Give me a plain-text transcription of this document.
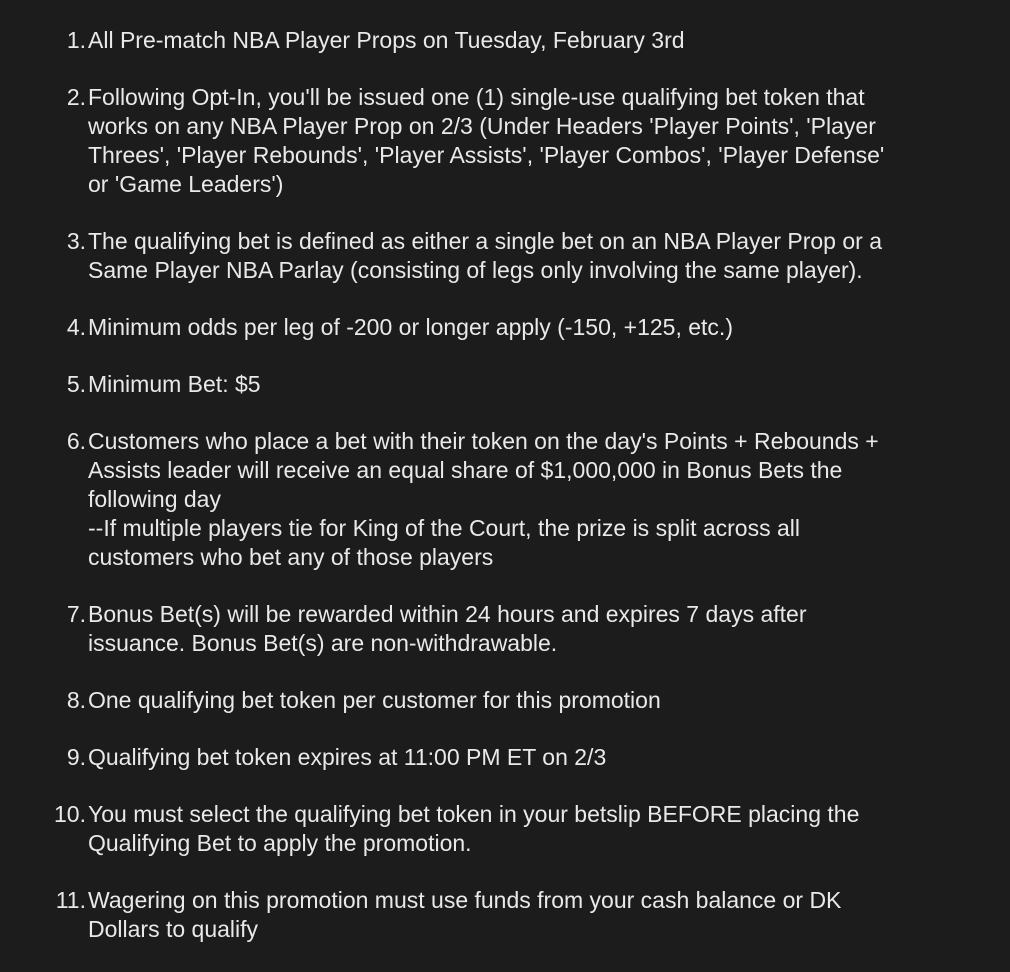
1. All Pre-match NBA Player Props on Tuesday, February 3rd
2. Following Opt-In, you'll be issued one (1) single-use qualifying bet token that
works on any NBA Player Prop on 2/3 (Under Headers 'Player Points', 'Player
Threes', 'Player Rebounds', 'Player Assists', 'Player Combos', 'Player Defense'
or 'Game Leaders')
3. The qualifying bet is defined as either a single bet on an NBA Player Prop or a
Same Player NBA Parlay (consisting of legs only involving the same player).
4. Minimum odds per leg of -200 or longer apply (-150, +125, etc.)
5. Minimum Bet: $5
6. Customers who place a bet with their token on the day's Points + Rebounds +
Assists leader will receive an equal share of $1,000,000 in Bonus Bets the
following day
--If multiple players tie for King of the Court, the prize is split across all
customers who bet any of those players
7. Bonus Bet(s) will be rewarded within 24 hours and expires 7 days after
issuance. Bonus Bet(s) are non-withdrawable.
8. One qualifying bet token per customer for this promotion
9. Qualifying bet token expires at 11:00 PM ET on 2/3
10. You must select the qualifying bet token in your betslip BEFORE placing the
Qualifying Bet to apply the promotion.
11. Wagering on this promotion must use funds from your cash balance or DK
Dollars to qualify
